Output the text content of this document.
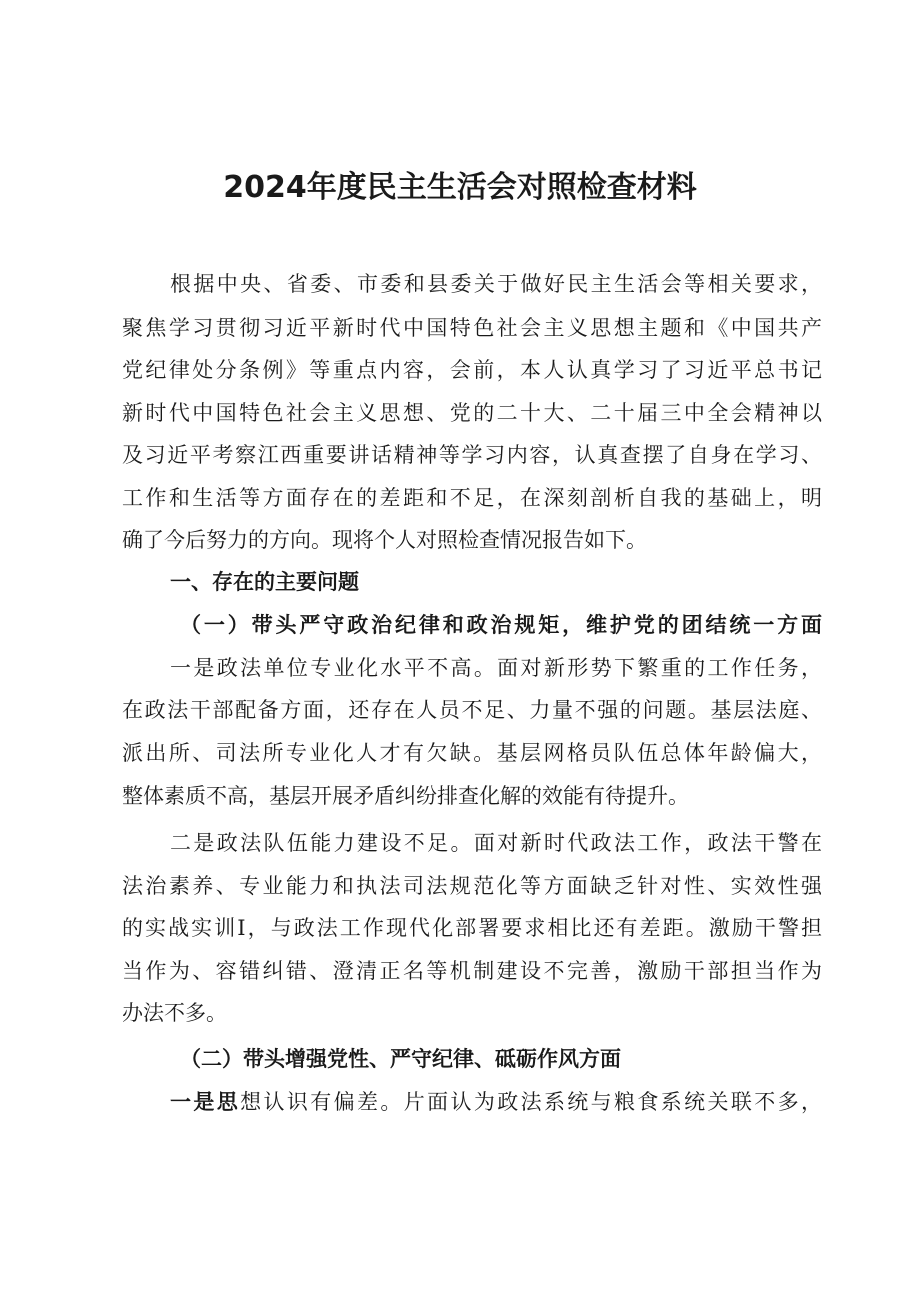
2024年度民主生活会对照检查材料
根据中央、省委、市委和县委关于做好民主生活会等相关要求，
聚焦学习贯彻习近平新时代中国特色社会主义思想主题和《中国共产
党纪律处分条例》等重点内容，会前，本人认真学习了习近平总书记
新时代中国特色社会主义思想、党的二十大、二十届三中全会精神以
及习近平考察江西重要讲话精神等学习内容，认真查摆了自身在学习、
工作和生活等方面存在的差距和不足，在深刻剖析自我的基础上，明
确了今后努力的方向。现将个人对照检查情况报告如下。
一、存在的主要问题
（一）带头严守政治纪律和政治规矩，维护党的团结统一方面
一是政法单位专业化水平不高。面对新形势下繁重的工作任务，
在政法干部配备方面，还存在人员不足、力量不强的问题。基层法庭、
派出所、司法所专业化人才有欠缺。基层网格员队伍总体年龄偏大，
整体素质不高，基层开展矛盾纠纷排查化解的效能有待提升。
二是政法队伍能力建设不足。面对新时代政法工作，政法干警在
法治素养、专业能力和执法司法规范化等方面缺乏针对性、实效性强
的实战实训I，与政法工作现代化部署要求相比还有差距。激励干警担
当作为、容错纠错、澄清正名等机制建设不完善，激励干部担当作为
办法不多。
（二）带头增强党性、严守纪律、砥砺作风方面
一是思想认识有偏差。片面认为政法系统与粮食系统关联不多，
